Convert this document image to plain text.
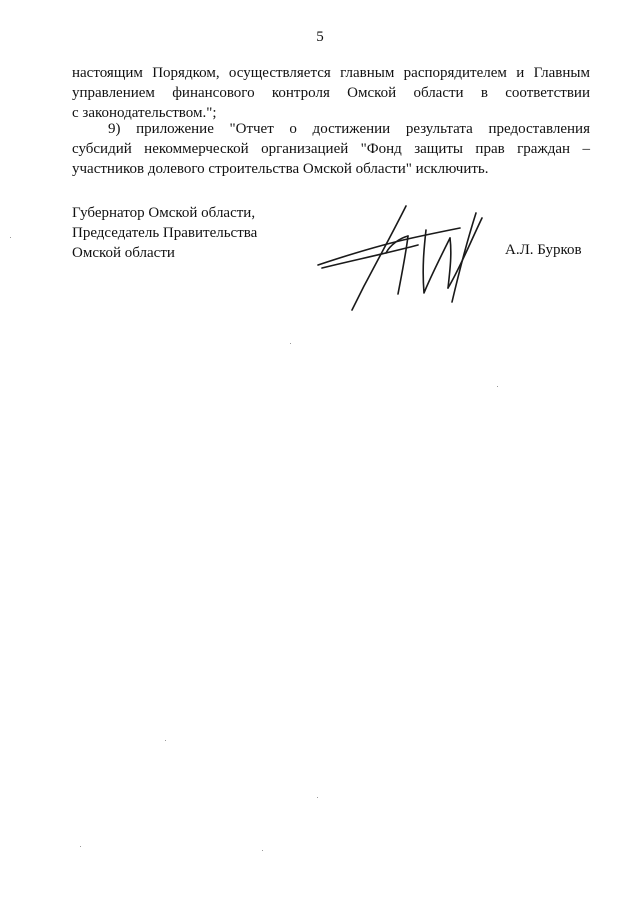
5
настоящим Порядком, осуществляется главным распорядителем и Главным
управлением финансового контроля Омской области в соответствии
с законодательством.";
9) приложение "Отчет о достижении результата предоставления
субсидий некоммерческой организацией "Фонд защиты прав граждан –
участников долевого строительства Омской области" исключить.
Губернатор Омской области,
Председатель Правительства
Омской области	А.Л. Бурков
